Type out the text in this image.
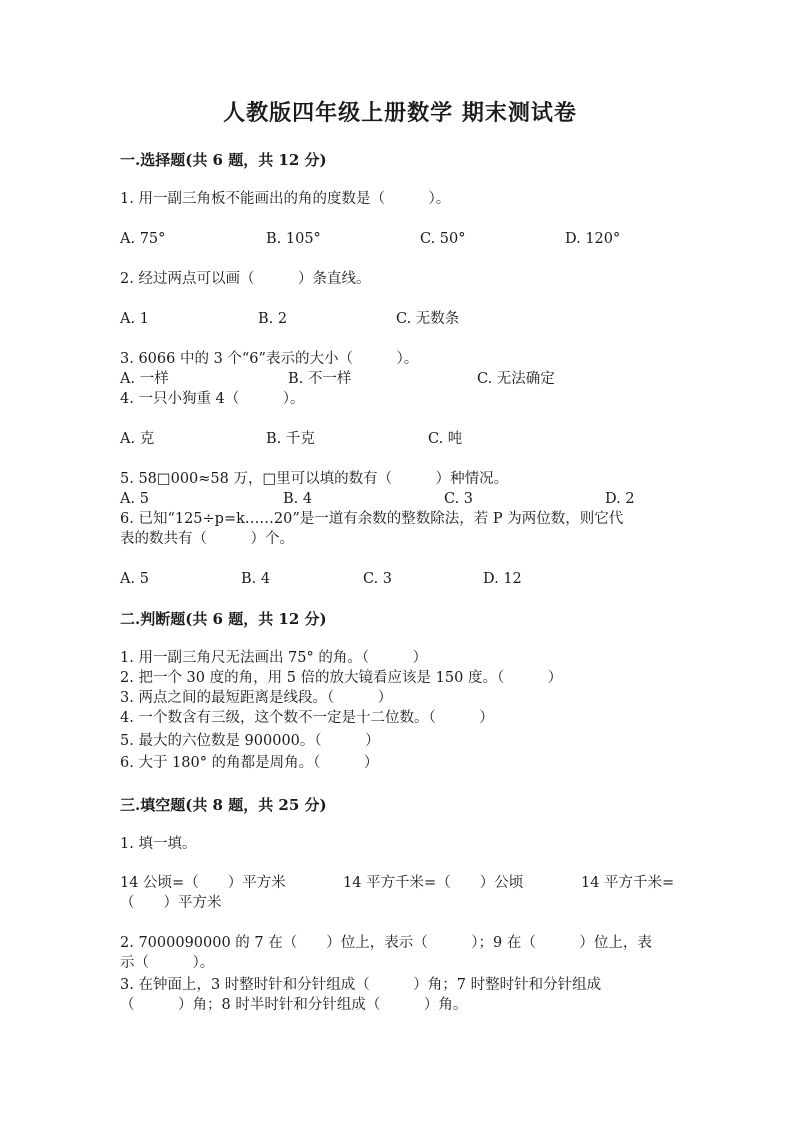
人教版四年级上册数学 期末测试卷
一.选择题(共 6 题，共 12 分)
1. 用一副三角板不能画出的角的度数是（　　　）。
A. 75°	B. 105°	C. 50°	D. 120°
2. 经过两点可以画（　　　）条直线。
A. 1	B. 2	C. 无数条
3. 6066 中的 3 个“6”表示的大小（　　　）。
A. 一样	B. 不一样	C. 无法确定
4. 一只小狗重 4（　　　）。
A. 克	B. 千克	C. 吨
5. 58□000≈58 万，□里可以填的数有（　　　）种情况。
A. 5	B. 4	C. 3	D. 2
6. 已知“125÷p=k……20”是一道有余数的整数除法，若 P 为两位数，则它代
表的数共有（　　　）个。
A. 5	B. 4	C. 3	D. 12
二.判断题(共 6 题，共 12 分)
1. 用一副三角尺无法画出 75° 的角。（　　　）
2. 把一个 30 度的角，用 5 倍的放大镜看应该是 150 度。（　　　）
3. 两点之间的最短距离是线段。（　　　）
4. 一个数含有三级，这个数不一定是十二位数。（　　　）
5. 最大的六位数是 900000。（　　　）
6. 大于 180° 的角都是周角。（　　　）
三.填空题(共 8 题，共 25 分)
1. 填一填。
14 公顷=（　　）平方米	14 平方千米=（　　）公顷	14 平方千米=
（　　）平方米
2. 7000090000 的 7 在（　　）位上，表示（　　　）；9 在（　　　）位上，表
示（　　　）。
3. 在钟面上，3 时整时针和分针组成（　　　）角；7 时整时针和分针组成
（　　　）角；8 时半时针和分针组成（　　　）角。
